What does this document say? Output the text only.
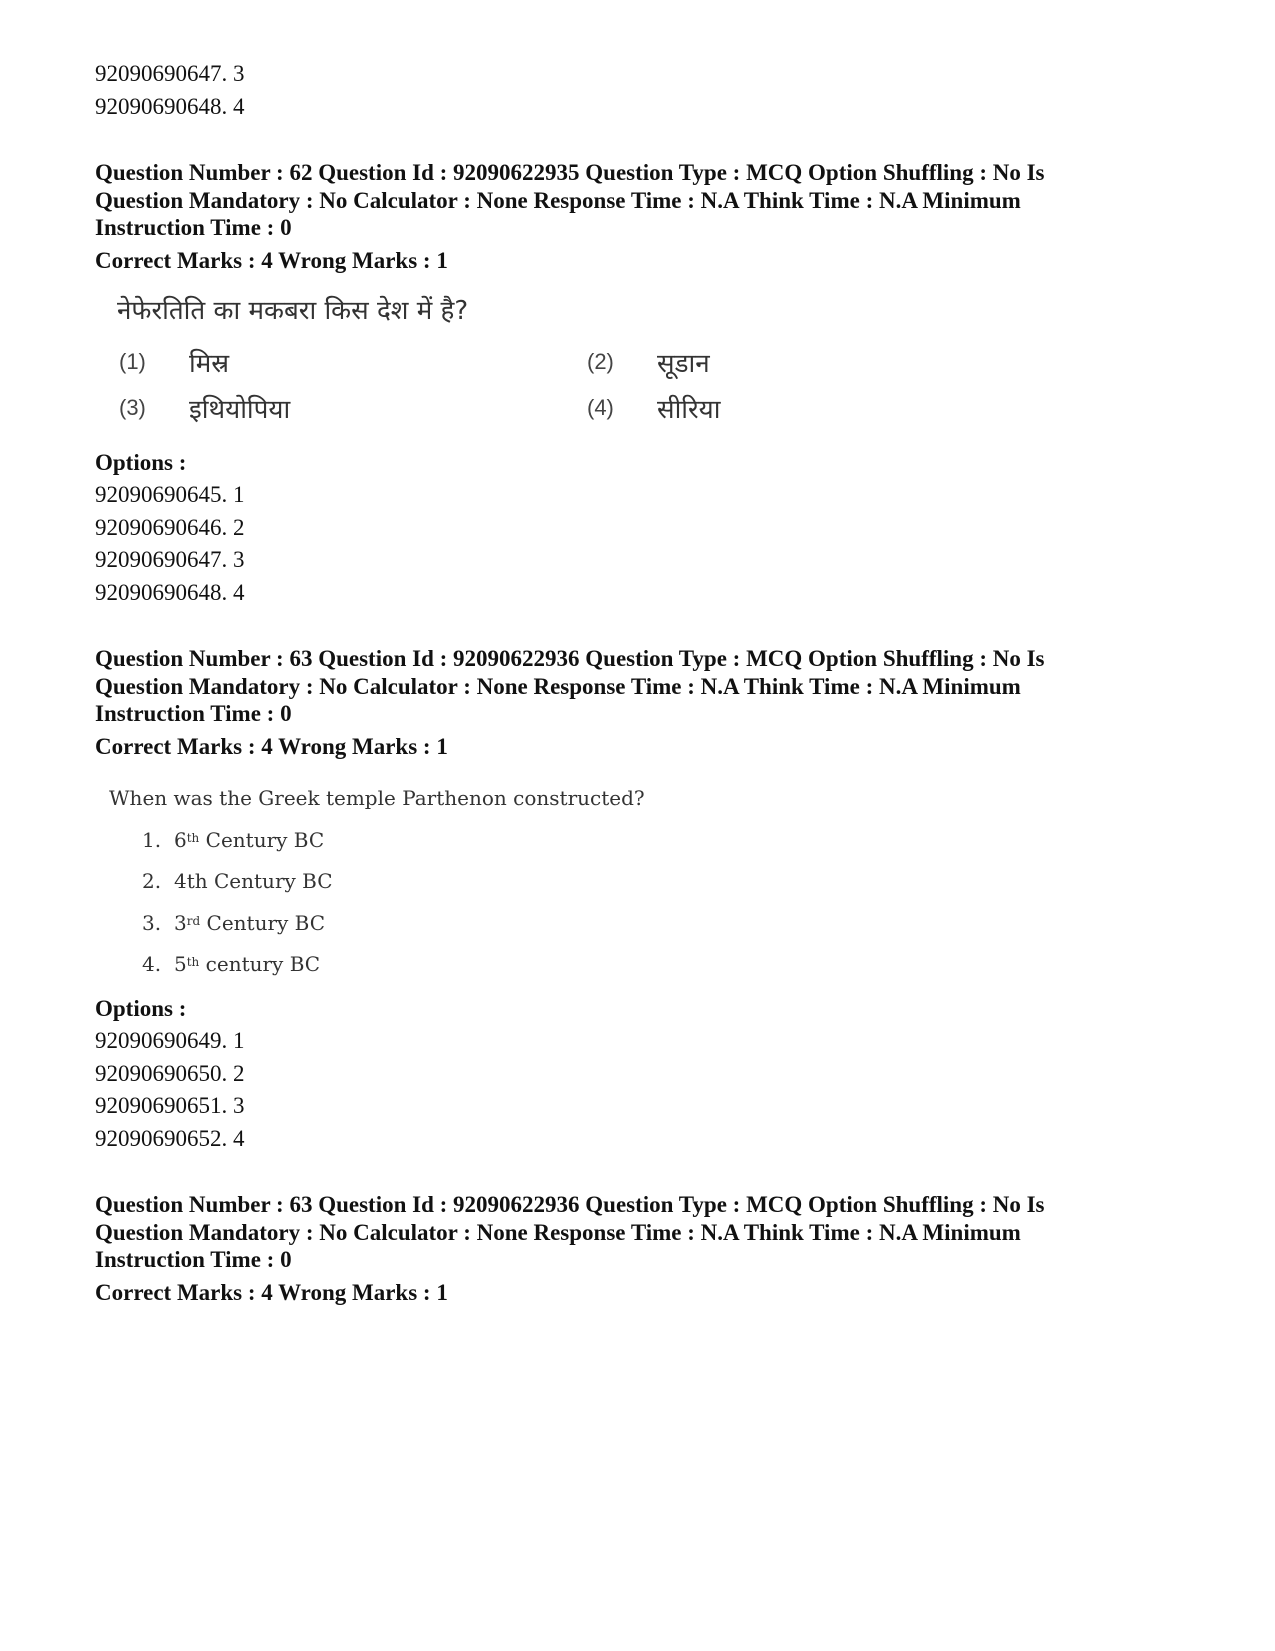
92090690647. 3
92090690648. 4
Question Number : 62 Question Id : 92090622935 Question Type : MCQ Option Shuffling : No Is
Question Mandatory : No Calculator : None Response Time : N.A Think Time : N.A Minimum
Instruction Time : 0
Correct Marks : 4 Wrong Marks : 1
नेफेरतिति का मकबरा किस देश में है?
(1)	मिस्र	(2)	सूडान
(3)	इथियोपिया	(4)	सीरिया
Options :
92090690645. 1
92090690646. 2
92090690647. 3
92090690648. 4
Question Number : 63 Question Id : 92090622936 Question Type : MCQ Option Shuffling : No Is
Question Mandatory : No Calculator : None Response Time : N.A Think Time : N.A Minimum
Instruction Time : 0
Correct Marks : 4 Wrong Marks : 1
When was the Greek temple Parthenon constructed?
1. 6th Century BC
2. 4th Century BC
3. 3rd Century BC
4. 5th century BC
Options :
92090690649. 1
92090690650. 2
92090690651. 3
92090690652. 4
Question Number : 63 Question Id : 92090622936 Question Type : MCQ Option Shuffling : No Is
Question Mandatory : No Calculator : None Response Time : N.A Think Time : N.A Minimum
Instruction Time : 0
Correct Marks : 4 Wrong Marks : 1
